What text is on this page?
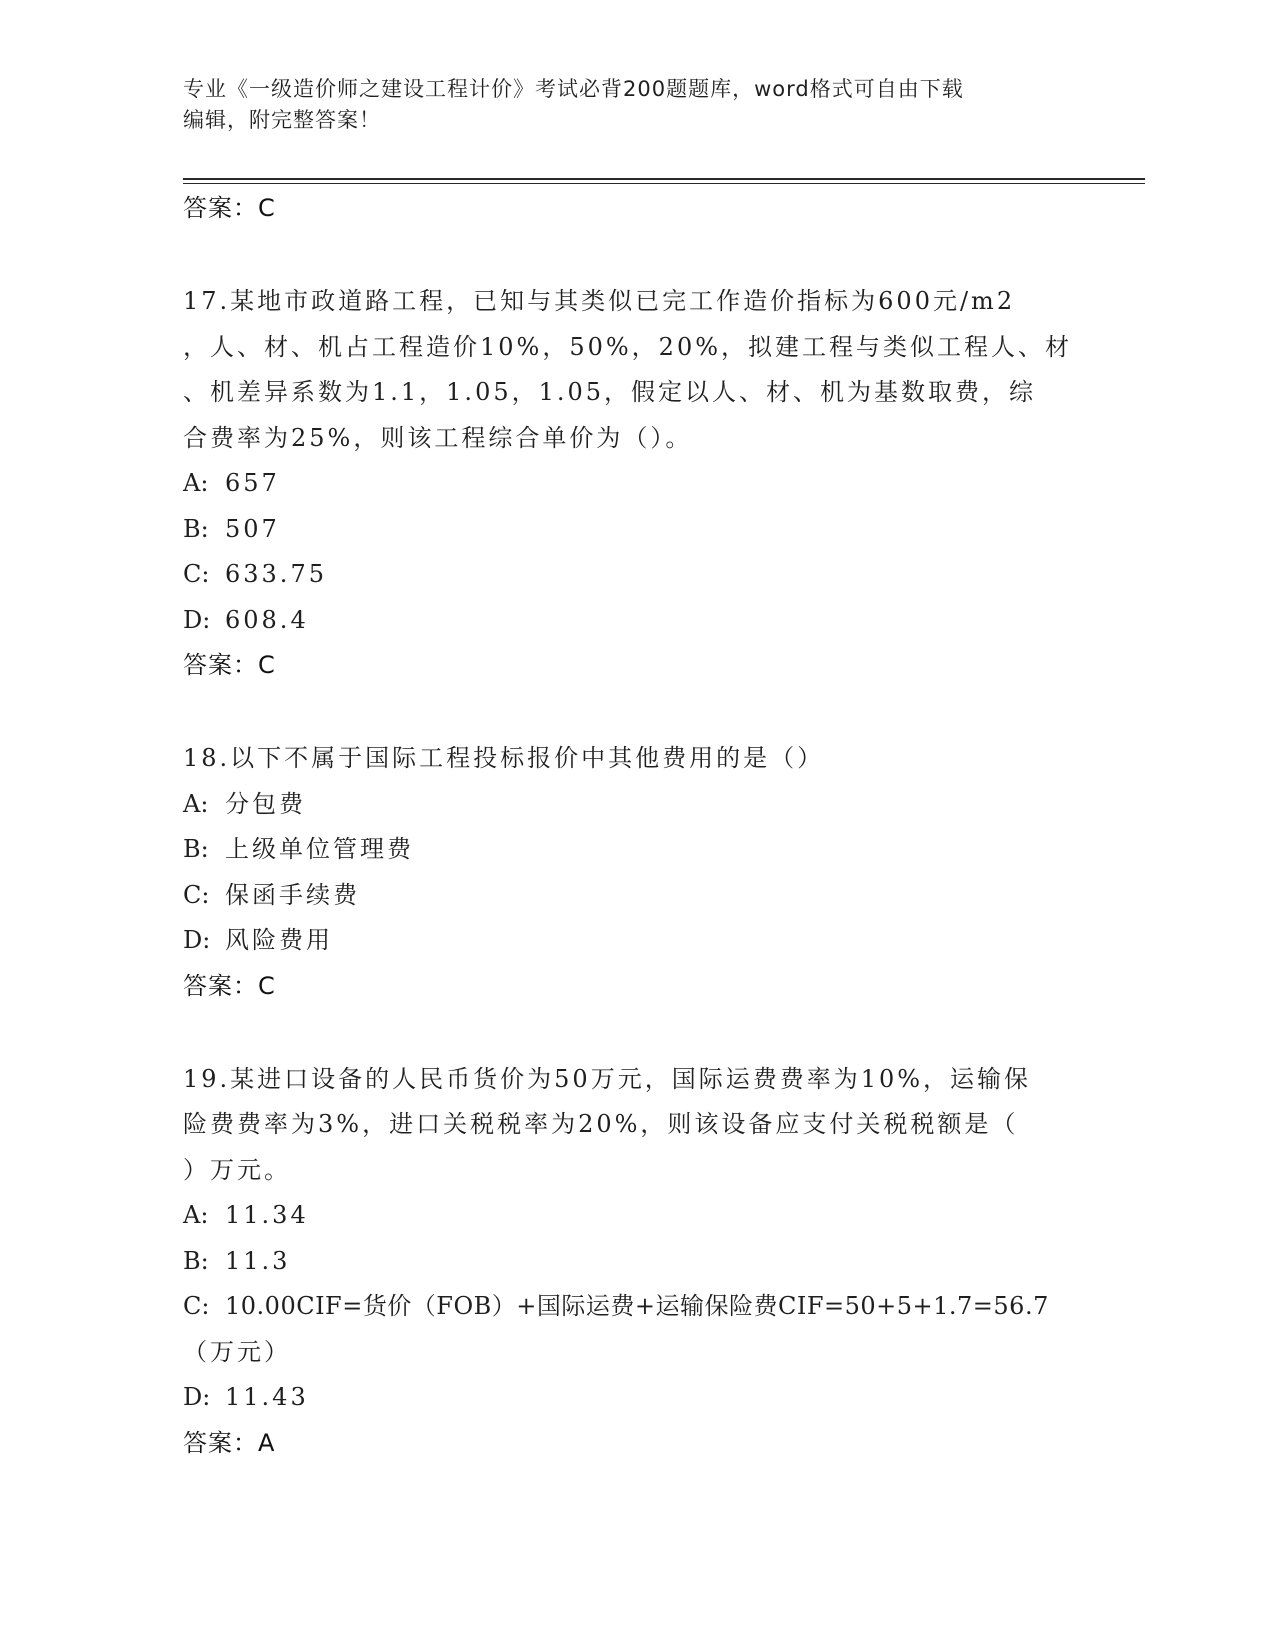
专业《一级造价师之建设工程计价》考试必背200题题库，word格式可自由下载

编辑，附完整答案！

答案：C
17.某地市政道路工程，已知与其类似已完工作造价指标为600元/m2
，人、材、机占工程造价10%，50%，20%，拟建工程与类似工程人、材
、机差异系数为1.1，1.05，1.05，假定以人、材、机为基数取费，综
合费率为25%，则该工程综合单价为（）。
A: 657
B: 507
C: 633.75
D: 608.4
答案：C
18.以下不属于国际工程投标报价中其他费用的是（）
A: 分包费
B: 上级单位管理费
C: 保函手续费
D: 风险费用
答案：C
19.某进口设备的人民币货价为50万元，国际运费费率为10%，运输保
险费费率为3%，进口关税税率为20%，则该设备应支付关税税额是（
）万元。
A: 11.34
B: 11.3
C: 10.00CIF=货价（FOB）+国际运费+运输保险费CIF=50+5+1.7=56.7
（万元）
D: 11.43
答案：A
